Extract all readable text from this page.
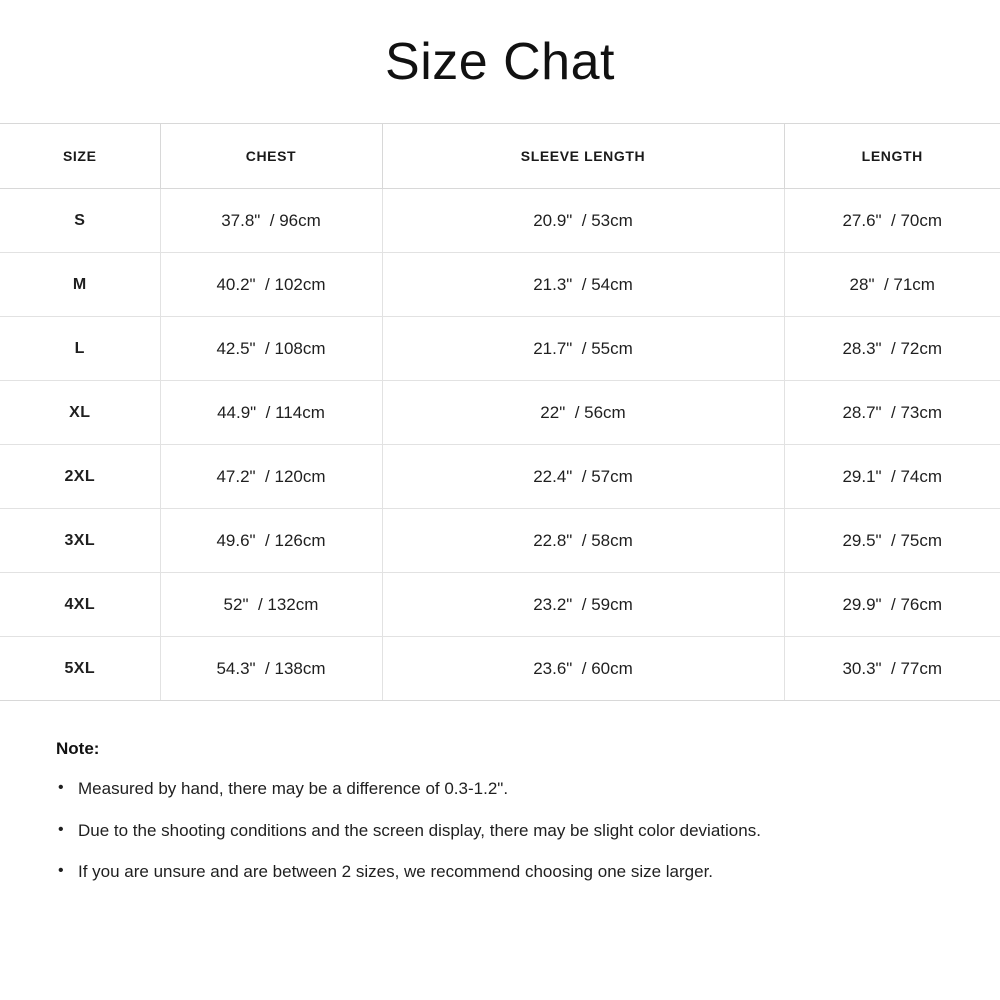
Size Chat
SIZE	CHEST	SLEEVE LENGTH	LENGTH
S	37.8" / 96cm	20.9" / 53cm	27.6" / 70cm
M	40.2" / 102cm	21.3" / 54cm	28" / 71cm
L	42.5" / 108cm	21.7" / 55cm	28.3" / 72cm
XL	44.9" / 114cm	22" / 56cm	28.7" / 73cm
2XL	47.2" / 120cm	22.4" / 57cm	29.1" / 74cm
3XL	49.6" / 126cm	22.8" / 58cm	29.5" / 75cm
4XL	52" / 132cm	23.2" / 59cm	29.9" / 76cm
5XL	54.3" / 138cm	23.6" / 60cm	30.3" / 77cm
Note:
• Measured by hand, there may be a difference of 0.3-1.2".
• Due to the shooting conditions and the screen display, there may be slight color deviations.
• If you are unsure and are between 2 sizes, we recommend choosing one size larger.
